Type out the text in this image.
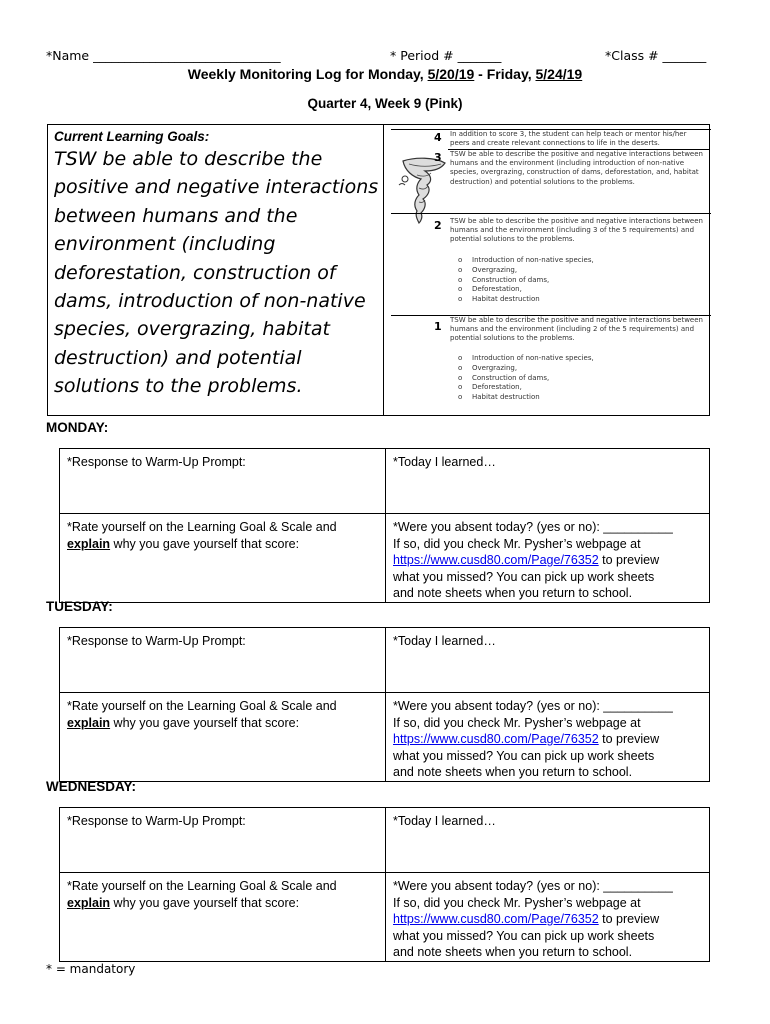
*Name ______________________________	* Period # _______	*Class # _______
Weekly Monitoring Log for Monday, 5/20/19 - Friday, 5/24/19
Quarter 4, Week 9 (Pink)
Current Learning Goals:
TSW be able to describe the positive and negative interactions between humans and the environment (including deforestation, construction of dams, introduction of non-native species, overgrazing, habitat destruction) and potential solutions to the problems.
4 In addition to score 3, the student can help teach or mentor his/her peers and create relevant connections to life in the deserts.
3 TSW be able to describe the positive and negative interactions between humans and the environment (including introduction of non-native species, overgrazing, construction of dams, deforestation, and, habitat destruction) and potential solutions to the problems.
2 TSW be able to describe the positive and negative interactions between humans and the environment (including 3 of the 5 requirements) and potential solutions to the problems.
o Introduction of non-native species,
o Overgrazing,
o Construction of dams,
o Deforestation,
o Habitat destruction
1 TSW be able to describe the positive and negative interactions between humans and the environment (including 2 of the 5 requirements) and potential solutions to the problems.
o Introduction of non-native species,
o Overgrazing,
o Construction of dams,
o Deforestation,
o Habitat destruction
MONDAY:
*Response to Warm-Up Prompt:	*Today I learned…
*Rate yourself on the Learning Goal & Scale and explain why you gave yourself that score:	*Were you absent today? (yes or no): __________
If so, did you check Mr. Pysher’s webpage at
https://www.cusd80.com/Page/76352 to preview
what you missed? You can pick up work sheets
and note sheets when you return to school.
TUESDAY:
*Response to Warm-Up Prompt:	*Today I learned…
*Rate yourself on the Learning Goal & Scale and explain why you gave yourself that score:	*Were you absent today? (yes or no): __________
If so, did you check Mr. Pysher’s webpage at
https://www.cusd80.com/Page/76352 to preview
what you missed? You can pick up work sheets
and note sheets when you return to school.
WEDNESDAY:
*Response to Warm-Up Prompt:	*Today I learned…
*Rate yourself on the Learning Goal & Scale and explain why you gave yourself that score:	*Were you absent today? (yes or no): __________
If so, did you check Mr. Pysher’s webpage at
https://www.cusd80.com/Page/76352 to preview
what you missed? You can pick up work sheets
and note sheets when you return to school.
* = mandatory
